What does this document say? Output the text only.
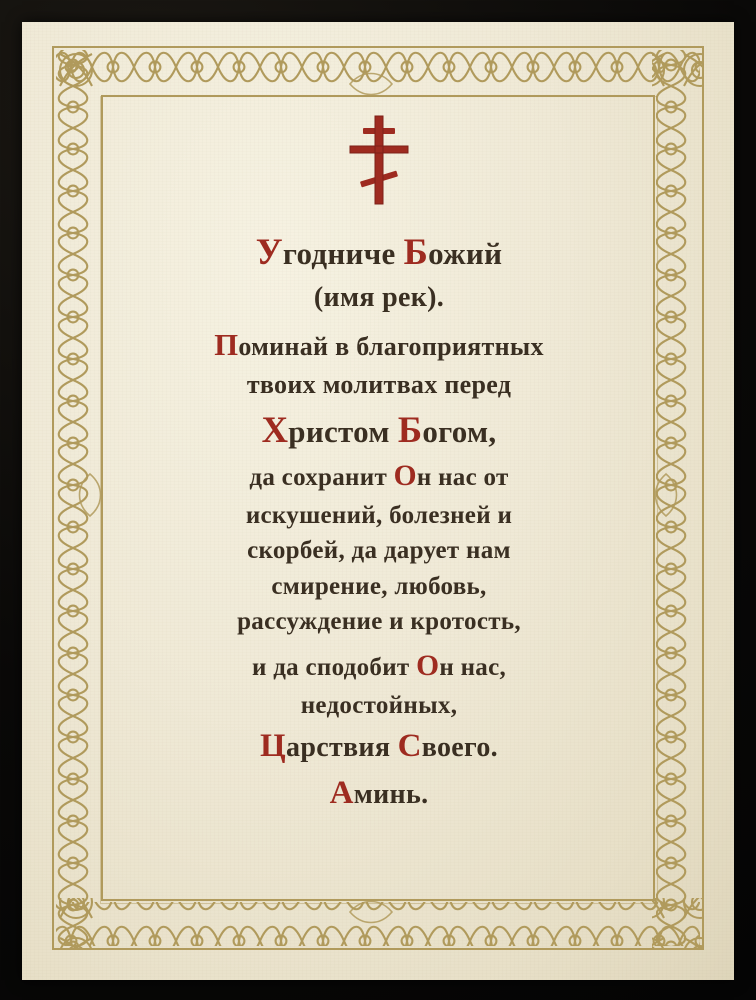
Угодниче Божий
(имя рек).
Поминай в благоприятных
твоих молитвах перед
Христом Богом,
да сохранит Он нас от
искушений, болезней и
скорбей, да дарует нам
смирение, любовь,
рассуждение и кротость,
и да сподобит Он нас,
недостойных,
Царствия Своего.
Аминь.
